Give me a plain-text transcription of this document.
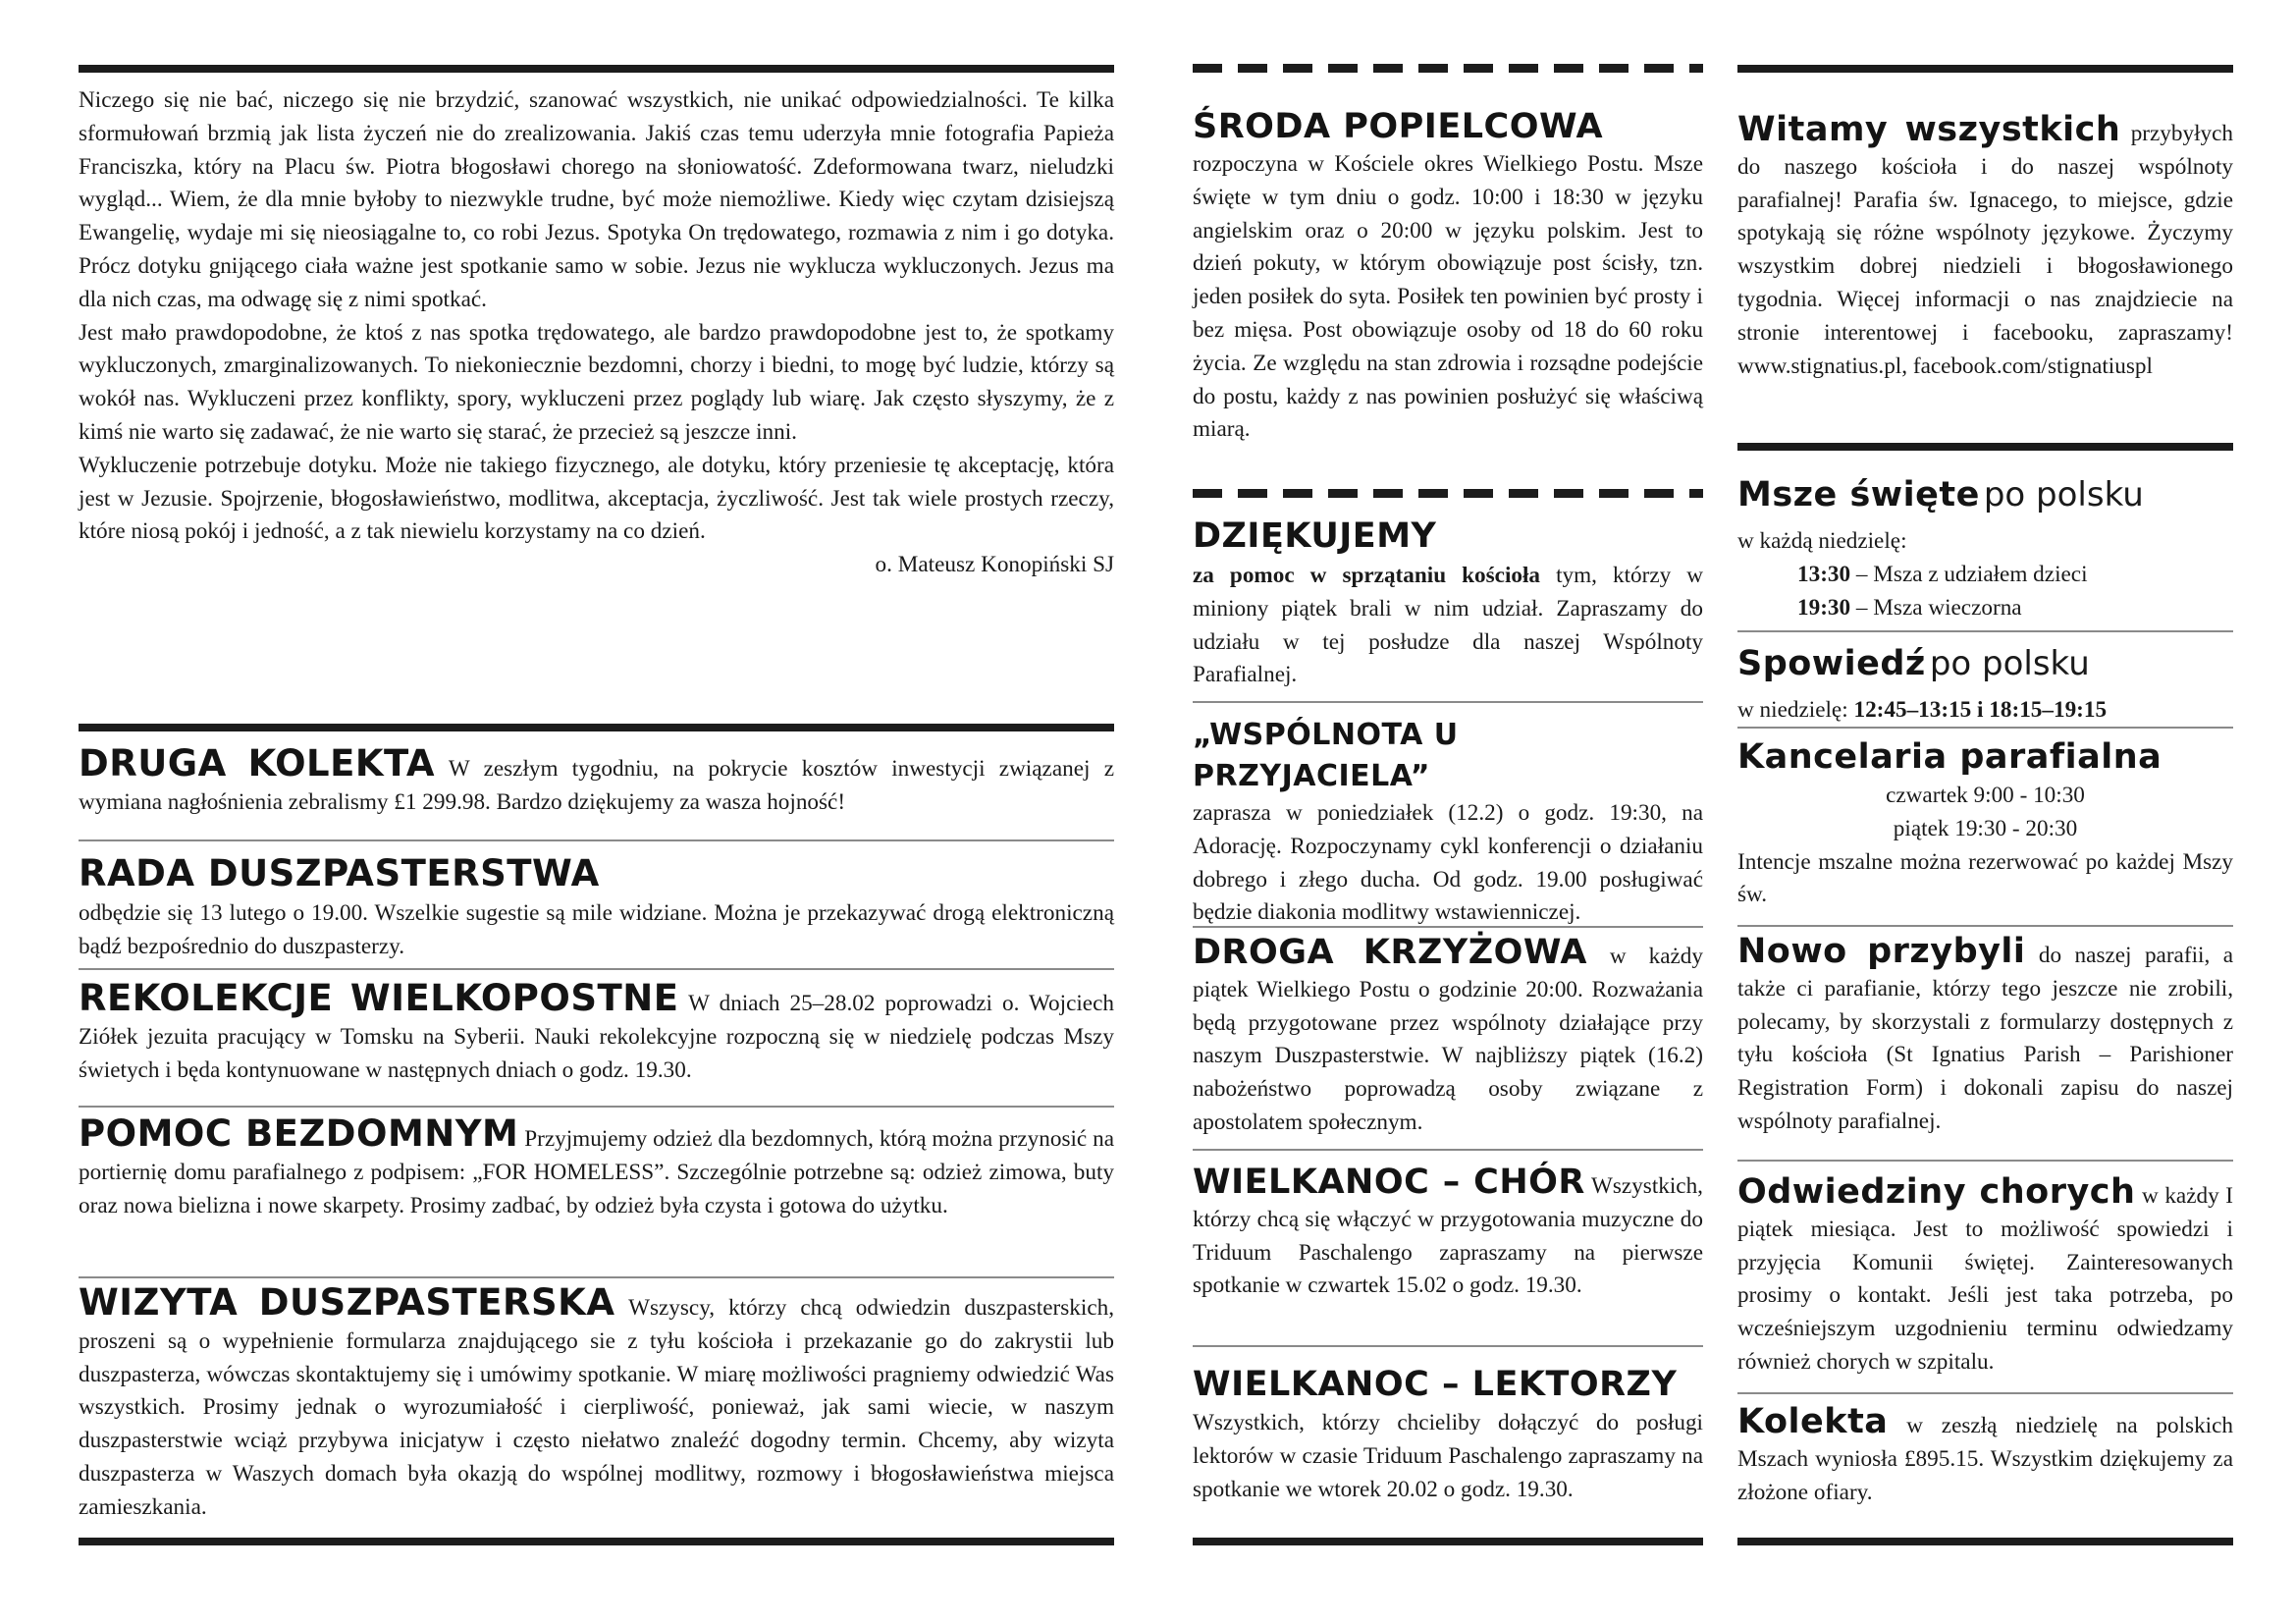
Niczego się nie bać, niczego się nie brzydzić, szanować wszystkich, nie unikać odpowiedzialności. Te kilka sformułowań brzmią jak lista życzeń nie do zrealizowania. Jakiś czas temu uderzyła mnie fotografia Papieża Franciszka, który na Placu św. Piotra błogosławi chorego na słoniowatość. Zdeformowana twarz, nieludzki wygląd... Wiem, że dla mnie byłoby to niezwykle trudne, być może niemożliwe. Kiedy więc czytam dzisiejszą Ewangelię, wydaje mi się nieosiągalne to, co robi Jezus. Spotyka On trędowatego, rozmawia z nim i go dotyka. Prócz dotyku gnijącego ciała ważne jest spotkanie samo w sobie. Jezus nie wyklucza wykluczonych. Jezus ma dla nich czas, ma odwagę się z nimi spotkać.

Jest mało prawdopodobne, że ktoś z nas spotka trędowatego, ale bardzo prawdopodobne jest to, że spotkamy wykluczonych, zmarginalizowanych. To niekoniecznie bezdomni, chorzy i biedni, to mogę być ludzie, którzy są wokół nas. Wykluczeni przez konflikty, spory, wykluczeni przez poglądy lub wiarę. Jak często słyszymy, że z kimś nie warto się zadawać, że nie warto się starać, że przecież są jeszcze inni.

Wykluczenie potrzebuje dotyku. Może nie takiego fizycznego, ale dotyku, który przeniesie tę akceptację, która jest w Jezusie. Spojrzenie, błogosławieństwo, modlitwa, akceptacja, życzliwość. Jest tak wiele prostych rzeczy, które niosą pokój i jedność, a z tak niewielu korzystamy na co dzień.

o. Mateusz Konopiński SJ

DRUGA KOLEKTA W zeszłym tygodniu, na pokrycie kosztów inwestycji związanej z wymiana nagłośnienia zebralismy £1 299.98. Bardzo dziękujemy za wasza hojność!

RADA DUSZPASTERSTWA

odbędzie się 13 lutego o 19.00. Wszelkie sugestie są mile widziane. Można je przekazywać drogą elektroniczną bądź bezpośrednio do duszpasterzy.

REKOLEKCJE WIELKOPOSTNE W dniach 25–28.02 poprowadzi o. Wojciech Ziółek jezuita pracujący w Tomsku na Syberii. Nauki rekolekcyjne rozpoczną się w niedzielę podczas Mszy świetych i będa kontynuowane w następnych dniach o godz. 19.30.

POMOC BEZDOMNYM Przyjmujemy odzież dla bezdomnych, którą można przynosić na portiernię domu parafialnego z podpisem: „FOR HOMELESS”. Szczególnie potrzebne są: odzież zimowa, buty oraz nowa bielizna i nowe skarpety. Prosimy zadbać, by odzież była czysta i gotowa do użytku.

WIZYTA DUSZPASTERSKA Wszyscy, którzy chcą odwiedzin duszpasterskich, proszeni są o wypełnienie formularza znajdującego sie z tyłu kościoła i przekazanie go do zakrystii lub duszpasterza, wówczas skontaktujemy się i umówimy spotkanie. W miarę możliwości pragniemy odwiedzić Was wszystkich. Prosimy jednak o wyrozumiałość i cierpliwość, ponieważ, jak sami wiecie, w naszym duszpasterstwie wciąż przybywa inicjatyw i często niełatwo znaleźć dogodny termin. Chcemy, aby wizyta duszpasterza w Waszych domach była okazją do wspólnej modlitwy, rozmowy i błogosławieństwa miejsca zamieszkania.

ŚRODA POPIELCOWA

rozpoczyna w Kościele okres Wielkiego Postu. Msze święte w tym dniu o godz. 10:00 i 18:30 w języku angielskim oraz o 20:00 w języku polskim. Jest to dzień pokuty, w którym obowiązuje post ścisły, tzn. jeden posiłek do syta. Posiłek ten powinien być prosty i bez mięsa. Post obowiązuje osoby od 18 do 60 roku życia. Ze względu na stan zdrowia i rozsądne podejście do postu, każdy z nas powinien posłużyć się właściwą miarą.

DZIĘKUJEMY

za pomoc w sprzątaniu kościoła tym, którzy w miniony piątek brali w nim udział. Zapraszamy do udziału w tej posłudze dla naszej Wspólnoty Parafialnej.

„WSPÓLNOTA U PRZYJACIELA”

zaprasza w poniedziałek (12.2) o godz. 19:30, na Adorację. Rozpoczynamy cykl konferencji o działaniu dobrego i złego ducha. Od godz. 19.00 posługiwać będzie diakonia modlitwy wstawienniczej.

DROGA KRZYŻOWA w każdy piątek Wielkiego Postu o godzinie 20:00. Rozważania będą przygotowane przez wspólnoty działające przy naszym Duszpasterstwie. W najbliższy piątek (16.2) nabożeństwo poprowadzą osoby związane z apostolatem społecznym.

WIELKANOC – CHÓR Wszystkich, którzy chcą się włączyć w przygotowania muzyczne do Triduum Paschalengo zapraszamy na pierwsze spotkanie w czwartek 15.02 o godz. 19.30.

WIELKANOC – LEKTORZY

Wszystkich, którzy chcieliby dołączyć do posługi lektorów w czasie Triduum Paschalengo zapraszamy na spotkanie we wtorek 20.02 o godz. 19.30.

Witamy wszystkich przybyłych do naszego kościoła i do naszej wspólnoty parafialnej! Parafia św. Ignacego, to miejsce, gdzie spotykają się różne wspólnoty językowe. Życzymy wszystkim dobrej niedzieli i błogosławionego tygodnia. Więcej informacji o nas znajdziecie na stronie interentowej i facebooku, zapraszamy! www.stignatius.pl, facebook.com/stignatiuspl

Msze święte po polsku

w każdą niedzielę:

13:30 – Msza z udziałem dzieci

19:30 – Msza wieczorna

Spowiedź po polsku

w niedzielę: 12:45–13:15 i 18:15–19:15

Kancelaria parafialna

czwartek 9:00 - 10:30

piątek 19:30 - 20:30

Intencje mszalne można rezerwować po każdej Mszy św.

Nowo przybyli do naszej parafii, a także ci parafianie, którzy tego jeszcze nie zrobili, polecamy, by skorzystali z formularzy dostępnych z tyłu kościoła (St Ignatius Parish – Parishioner Registration Form) i dokonali zapisu do naszej wspólnoty parafialnej.

Odwiedziny chorych w każdy I piątek miesiąca. Jest to możliwość spowiedzi i przyjęcia Komunii świętej. Zainteresowanych prosimy o kontakt. Jeśli jest taka potrzeba, po wcześniejszym uzgodnieniu terminu odwiedzamy również chorych w szpitalu.

Kolekta w zeszłą niedzielę na polskich Mszach wyniosła £895.15. Wszystkim dziękujemy za złożone ofiary.
